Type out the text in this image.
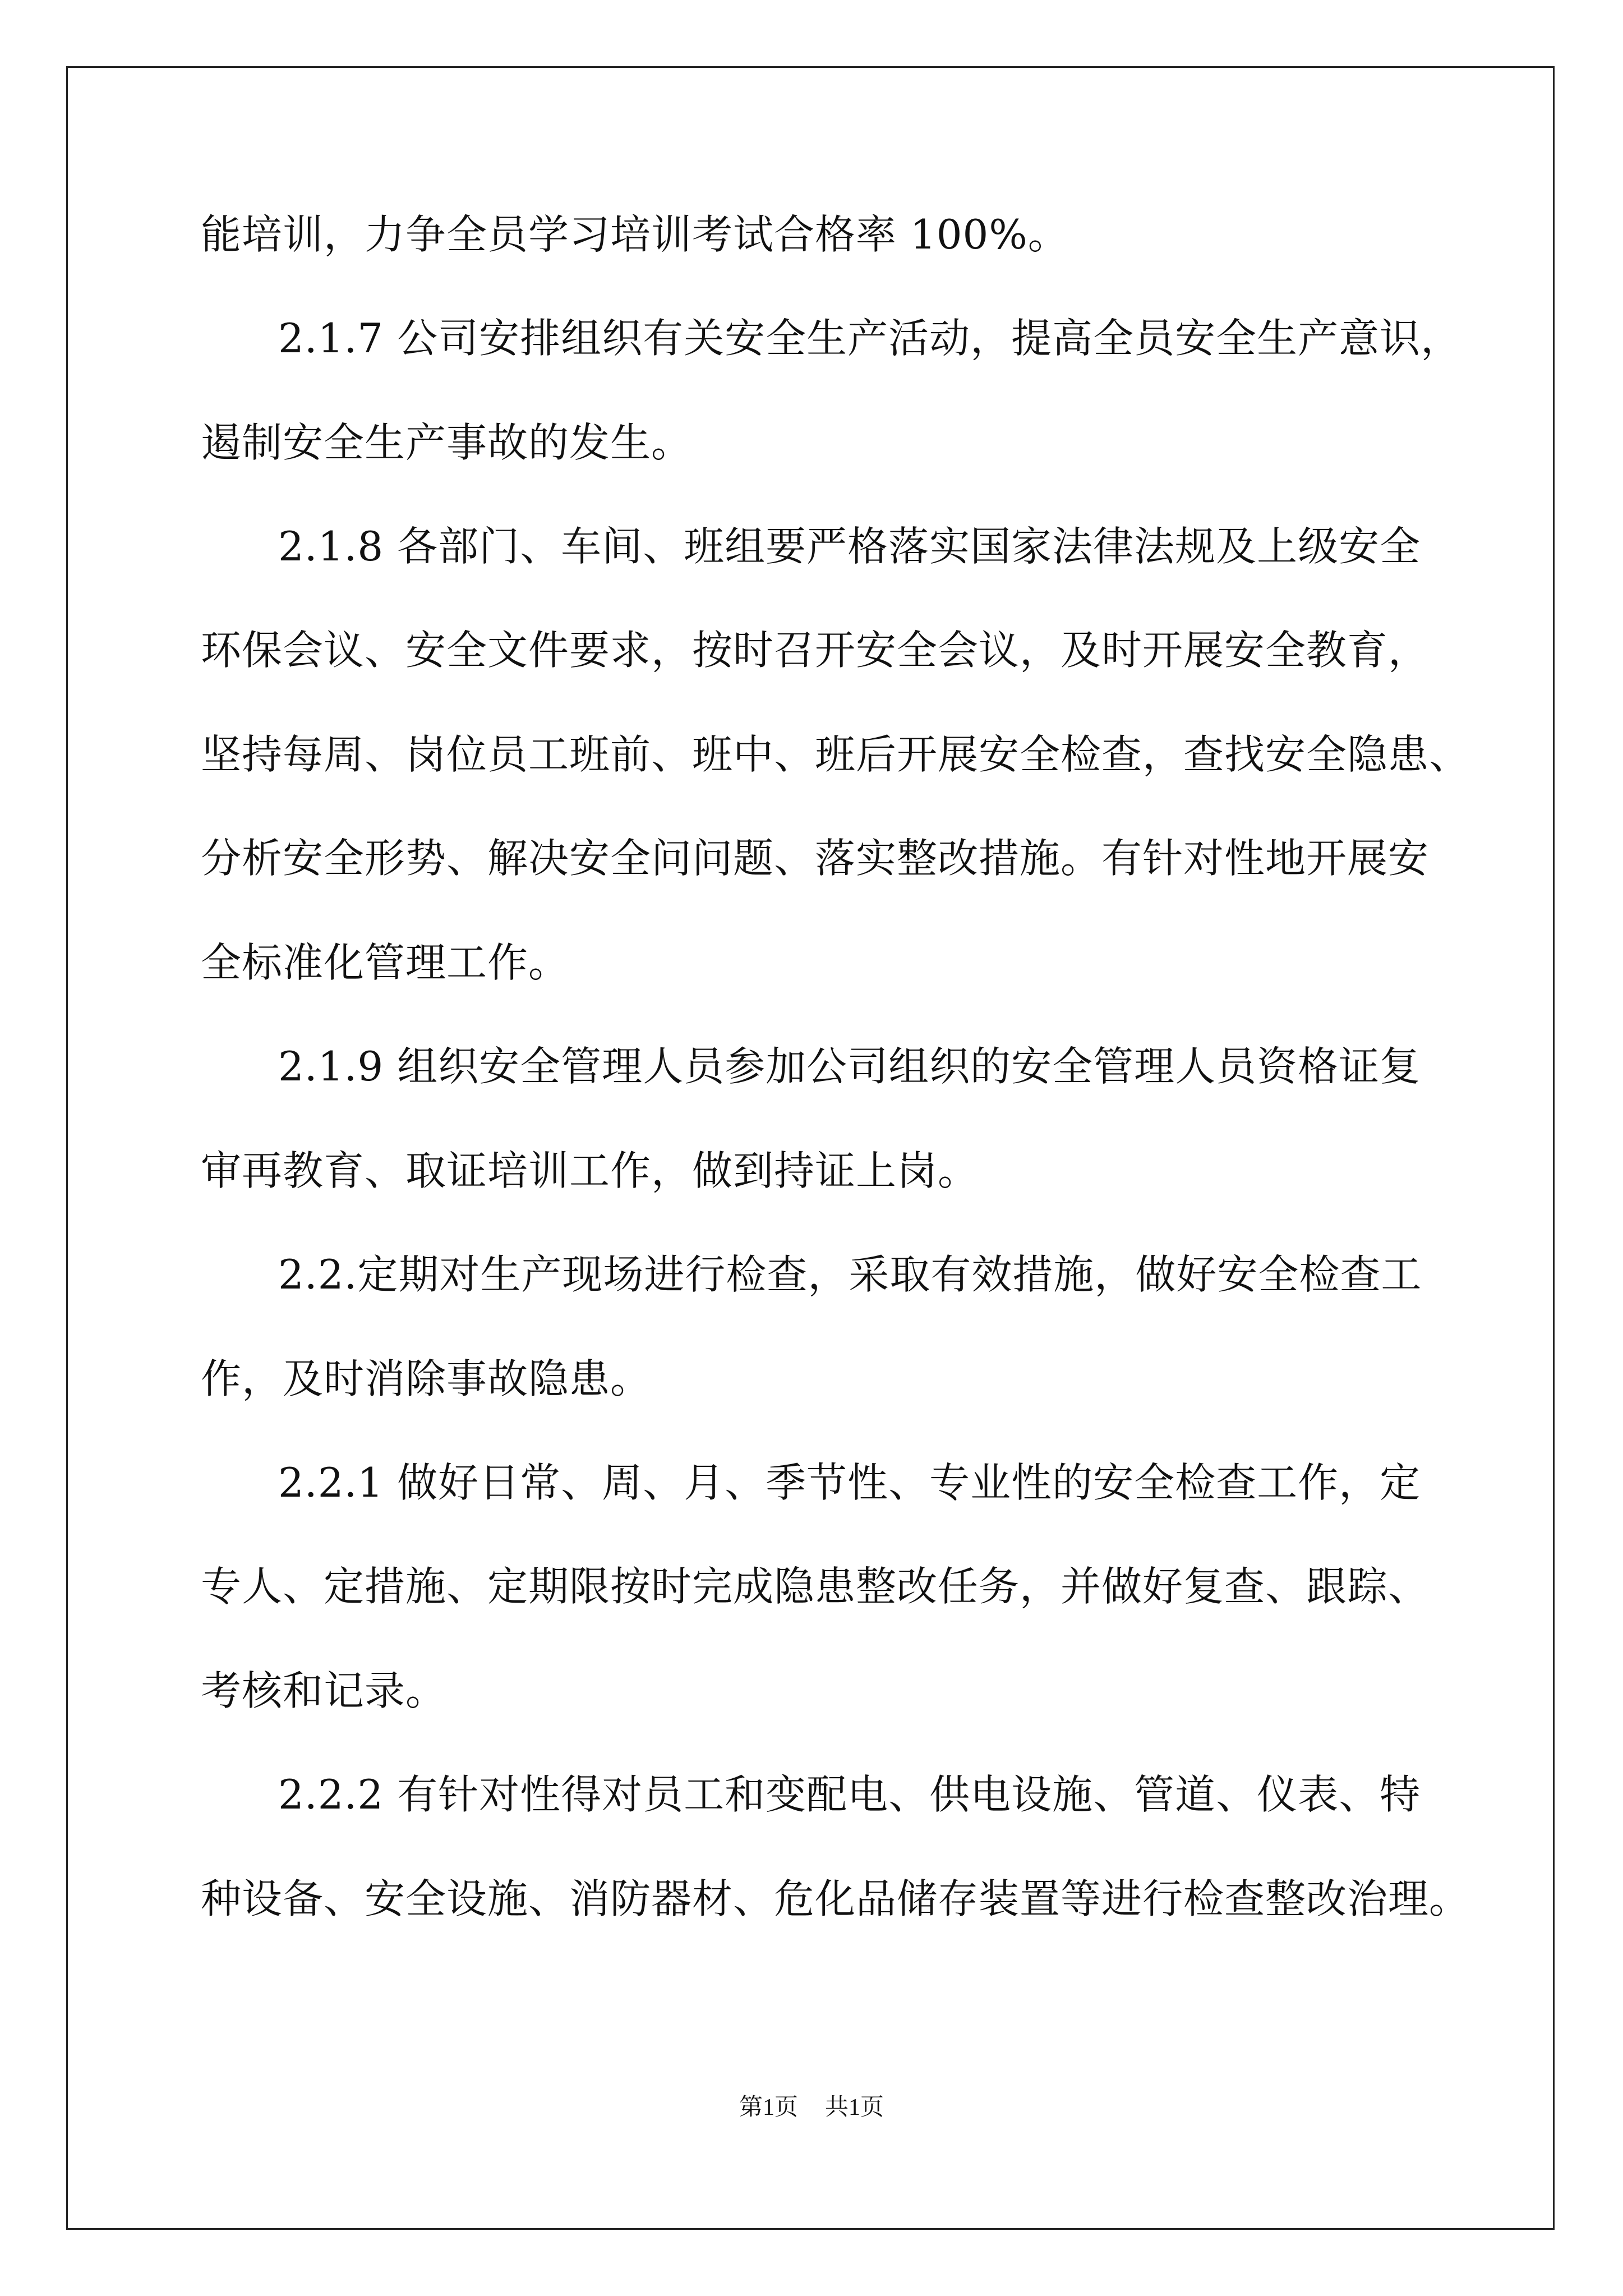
能培训，力争全员学习培训考试合格率 100%。
2.1.7 公司安排组织有关安全生产活动，提高全员安全生产意识，
遏制安全生产事故的发生。
2.1.8 各部门、车间、班组要严格落实国家法律法规及上级安全
环保会议、安全文件要求，按时召开安全会议，及时开展安全教育，
坚持每周、岗位员工班前、班中、班后开展安全检查，查找安全隐患、
分析安全形势、解决安全问问题、落实整改措施。有针对性地开展安
全标准化管理工作。
2.1.9 组织安全管理人员参加公司组织的安全管理人员资格证复
审再教育、取证培训工作，做到持证上岗。
2.2.定期对生产现场进行检查，采取有效措施，做好安全检查工
作，及时消除事故隐患。
2.2.1 做好日常、周、月、季节性、专业性的安全检查工作，定
专人、定措施、定期限按时完成隐患整改任务，并做好复查、跟踪、
考核和记录。
2.2.2 有针对性得对员工和变配电、供电设施、管道、仪表、特
种设备、安全设施、消防器材、危化品储存装置等进行检查整改治理。
第1页 共1页
